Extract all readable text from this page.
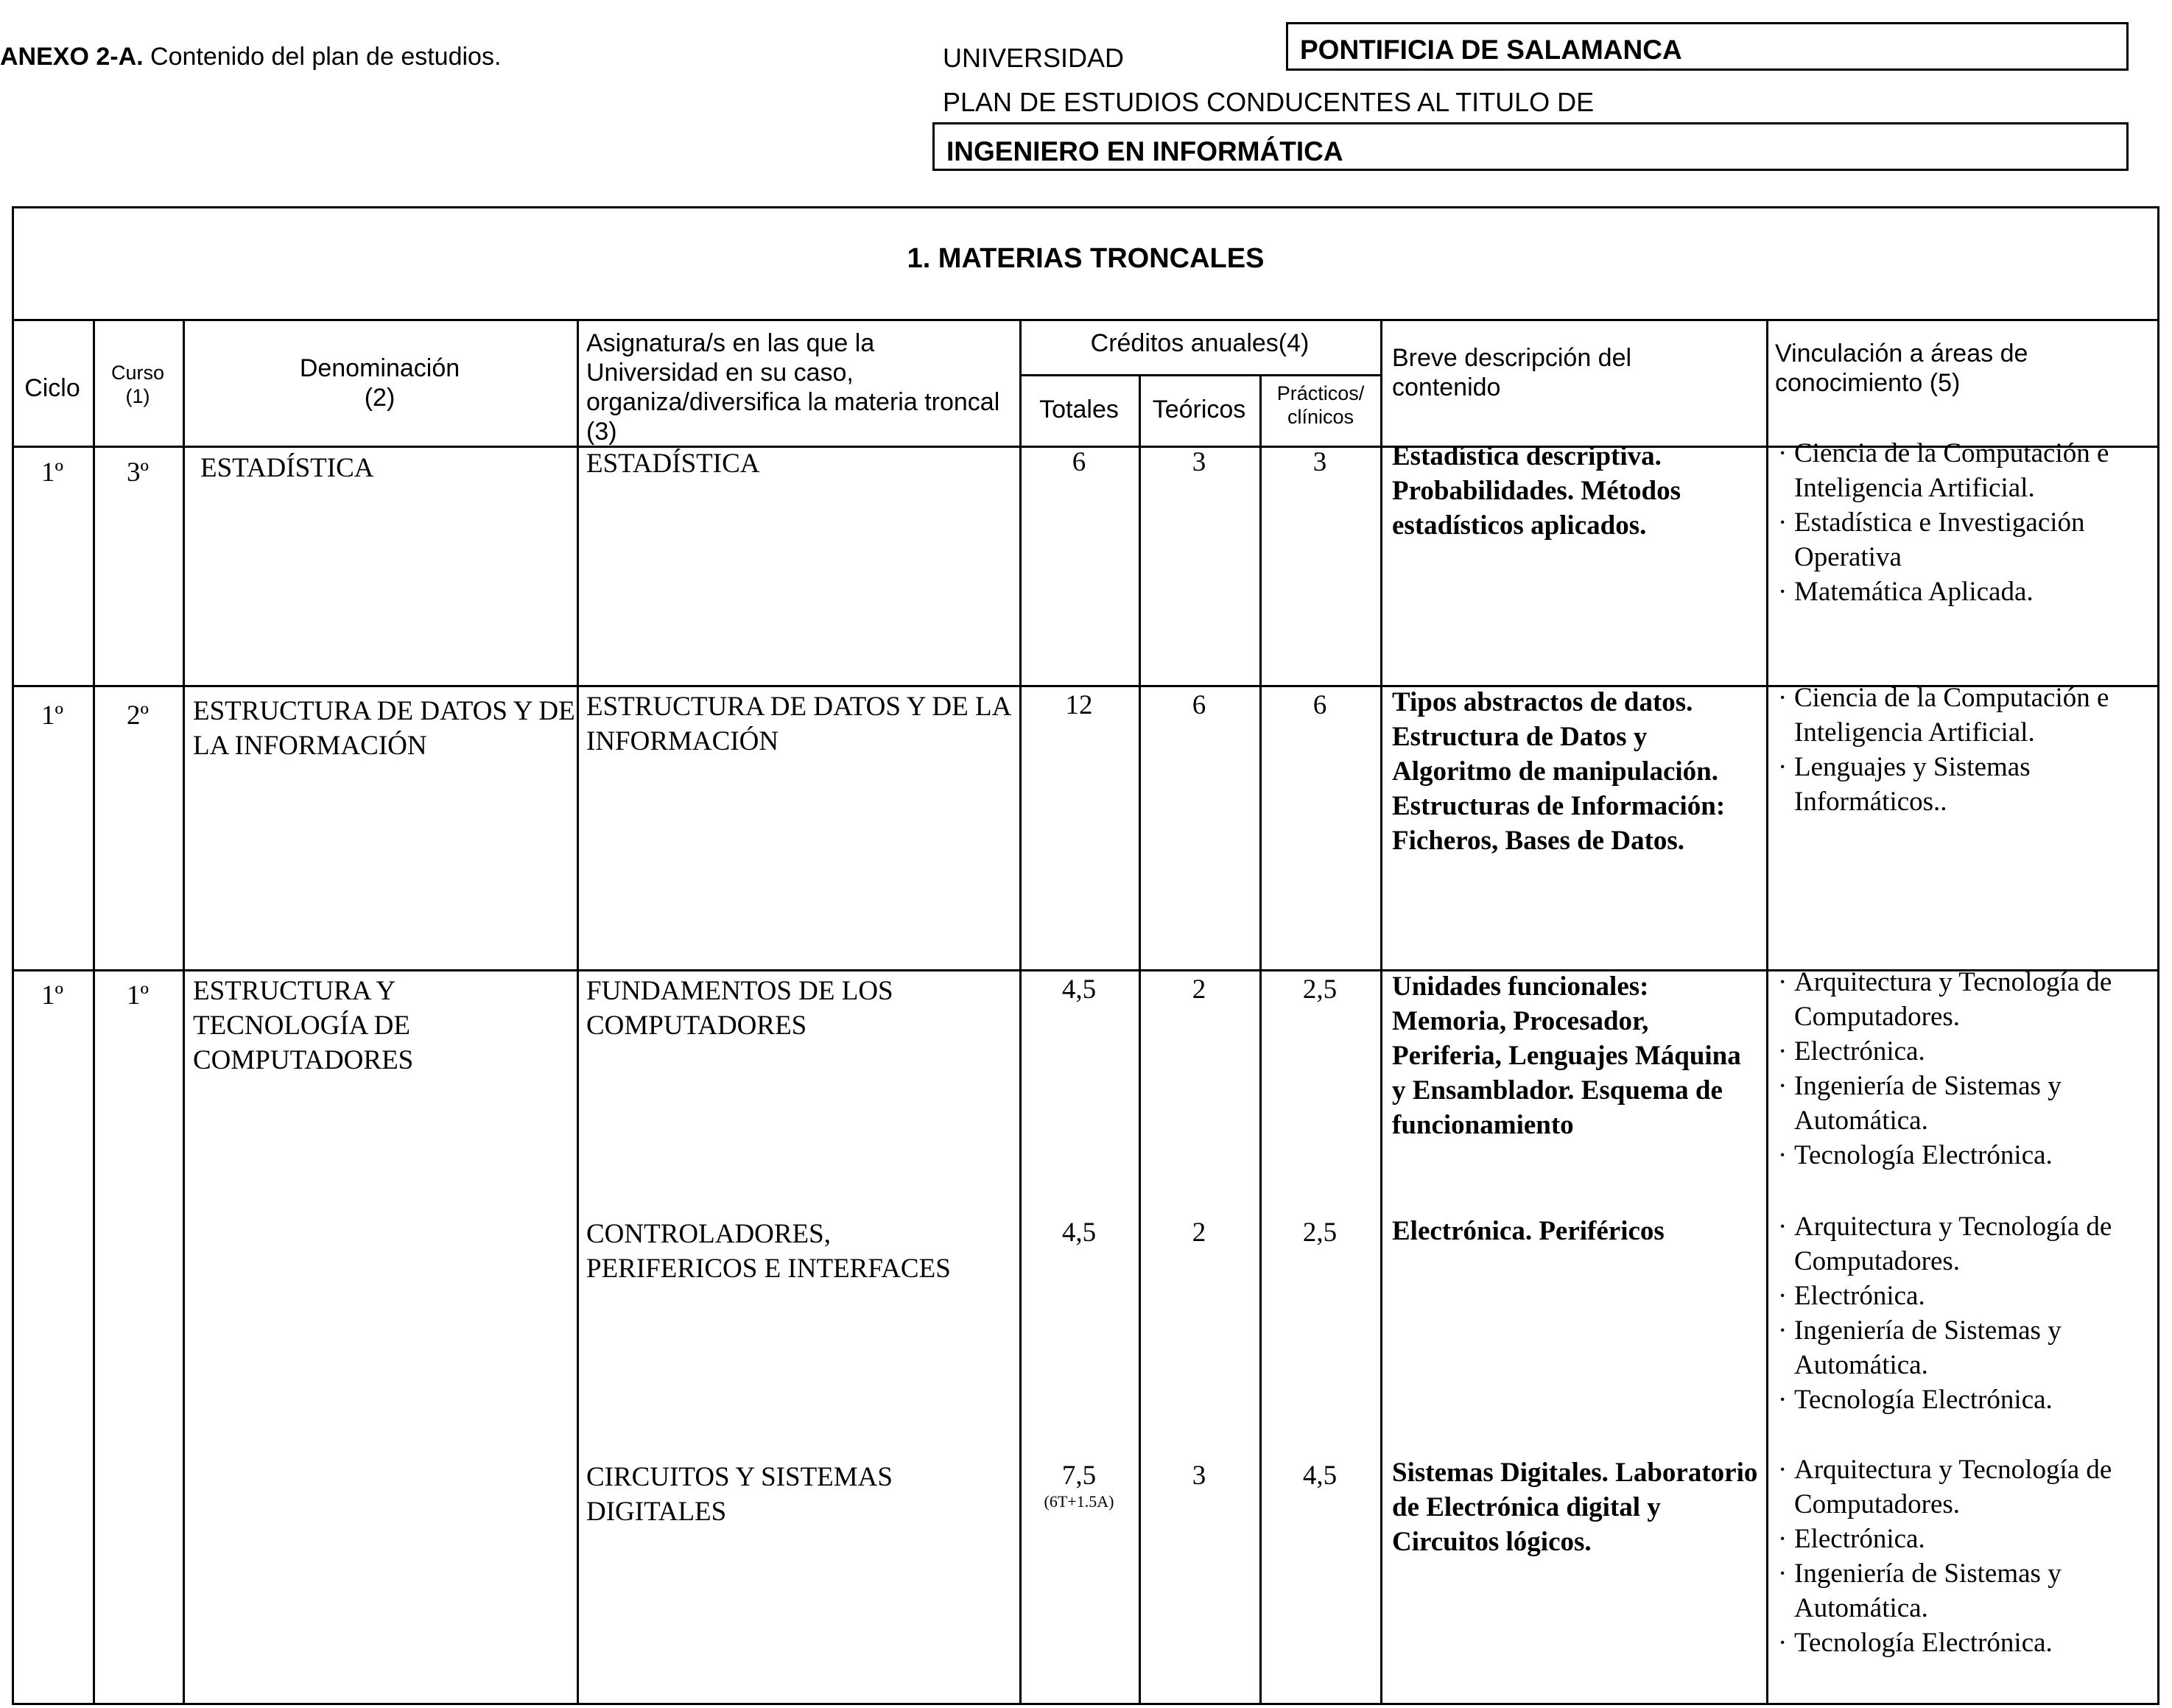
ANEXO 2-A. Contenido del plan de estudios.	UNIVERSIDAD	PONTIFICIA DE SALAMANCA
PLAN DE ESTUDIOS CONDUCENTES AL TITULO DE
INGENIERO EN INFORMÁTICA
1. MATERIAS TRONCALES
Ciclo
Curso
(1)
Denominación
(2)
Asignatura/s en las que la Universidad en su caso, organiza/diversifica la materia troncal (3)
Créditos anuales(4)
Totales	Teóricos
Prácticos/ clínicos
Breve descripción del contenido
Vinculación a áreas de conocimiento (5)
1º	3º	ESTADÍSTICA	ESTADÍSTICA	6	3	3	Estadística descriptiva. Probabilidades. Métodos estadísticos aplicados.
· Ciencia de la Computación e Inteligencia Artificial.
· Estadística e Investigación Operativa
· Matemática Aplicada.
1º	2º	ESTRUCTURA DE DATOS Y DE LA INFORMACIÓN
ESTRUCTURA DE DATOS Y DE LA INFORMACIÓN
12	6	6	Tipos abstractos de datos. Estructura de Datos y Algoritmo de manipulación. Estructuras de Información: Ficheros, Bases de Datos.
· Ciencia de la Computación e Inteligencia Artificial.
· Lenguajes y Sistemas Informáticos..
1º	1º	ESTRUCTURA Y TECNOLOGÍA DE COMPUTADORES
FUNDAMENTOS DE LOS COMPUTADORES
4,5	2	2,5	Unidades funcionales: Memoria, Procesador, Periferia, Lenguajes Máquina y Ensamblador. Esquema de funcionamiento
· Arquitectura y Tecnología de Computadores.
· Electrónica.
· Ingeniería de Sistemas y Automática.
· Tecnología Electrónica.
CONTROLADORES, PERIFERICOS E INTERFACES
4,5	2	2,5	Electrónica. Periféricos
·	Arquitectura y Tecnología de Computadores.
· Electrónica.
· Ingeniería de Sistemas y Automática.
· Tecnología Electrónica.
CIRCUITOS Y SISTEMAS DIGITALES
7,5
(6T+1.5A)
3	4,5	Sistemas Digitales. Laboratorio de Electrónica digital y Circuitos lógicos.
· Arquitectura y Tecnología de Computadores.
· Electrónica.
· Ingeniería de Sistemas y Automática.
· Tecnología Electrónica.
